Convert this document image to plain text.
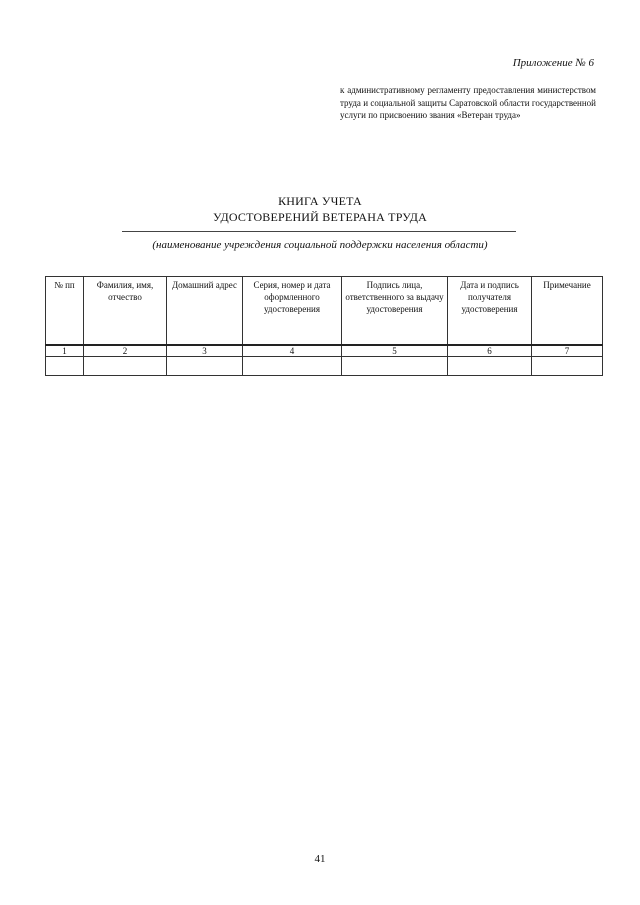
Приложение № 6
к административному регламенту предоставления министерством труда и социальной защиты Саратовской области государственной услуги по присвоению звания «Ветеран труда»
КНИГА УЧЕТА
УДОСТОВЕРЕНИЙ ВЕТЕРАНА ТРУДА
(наименование учреждения социальной поддержки населения области)
№ пп	Фамилия, имя, отчество	Домашний адрес	Серия, номер и дата оформленного удостоверения	Подпись лица, ответственного за выдачу удостоверения	Дата и подпись получателя удостоверения	Примечание
1	2	3	4	5	6	7

41
